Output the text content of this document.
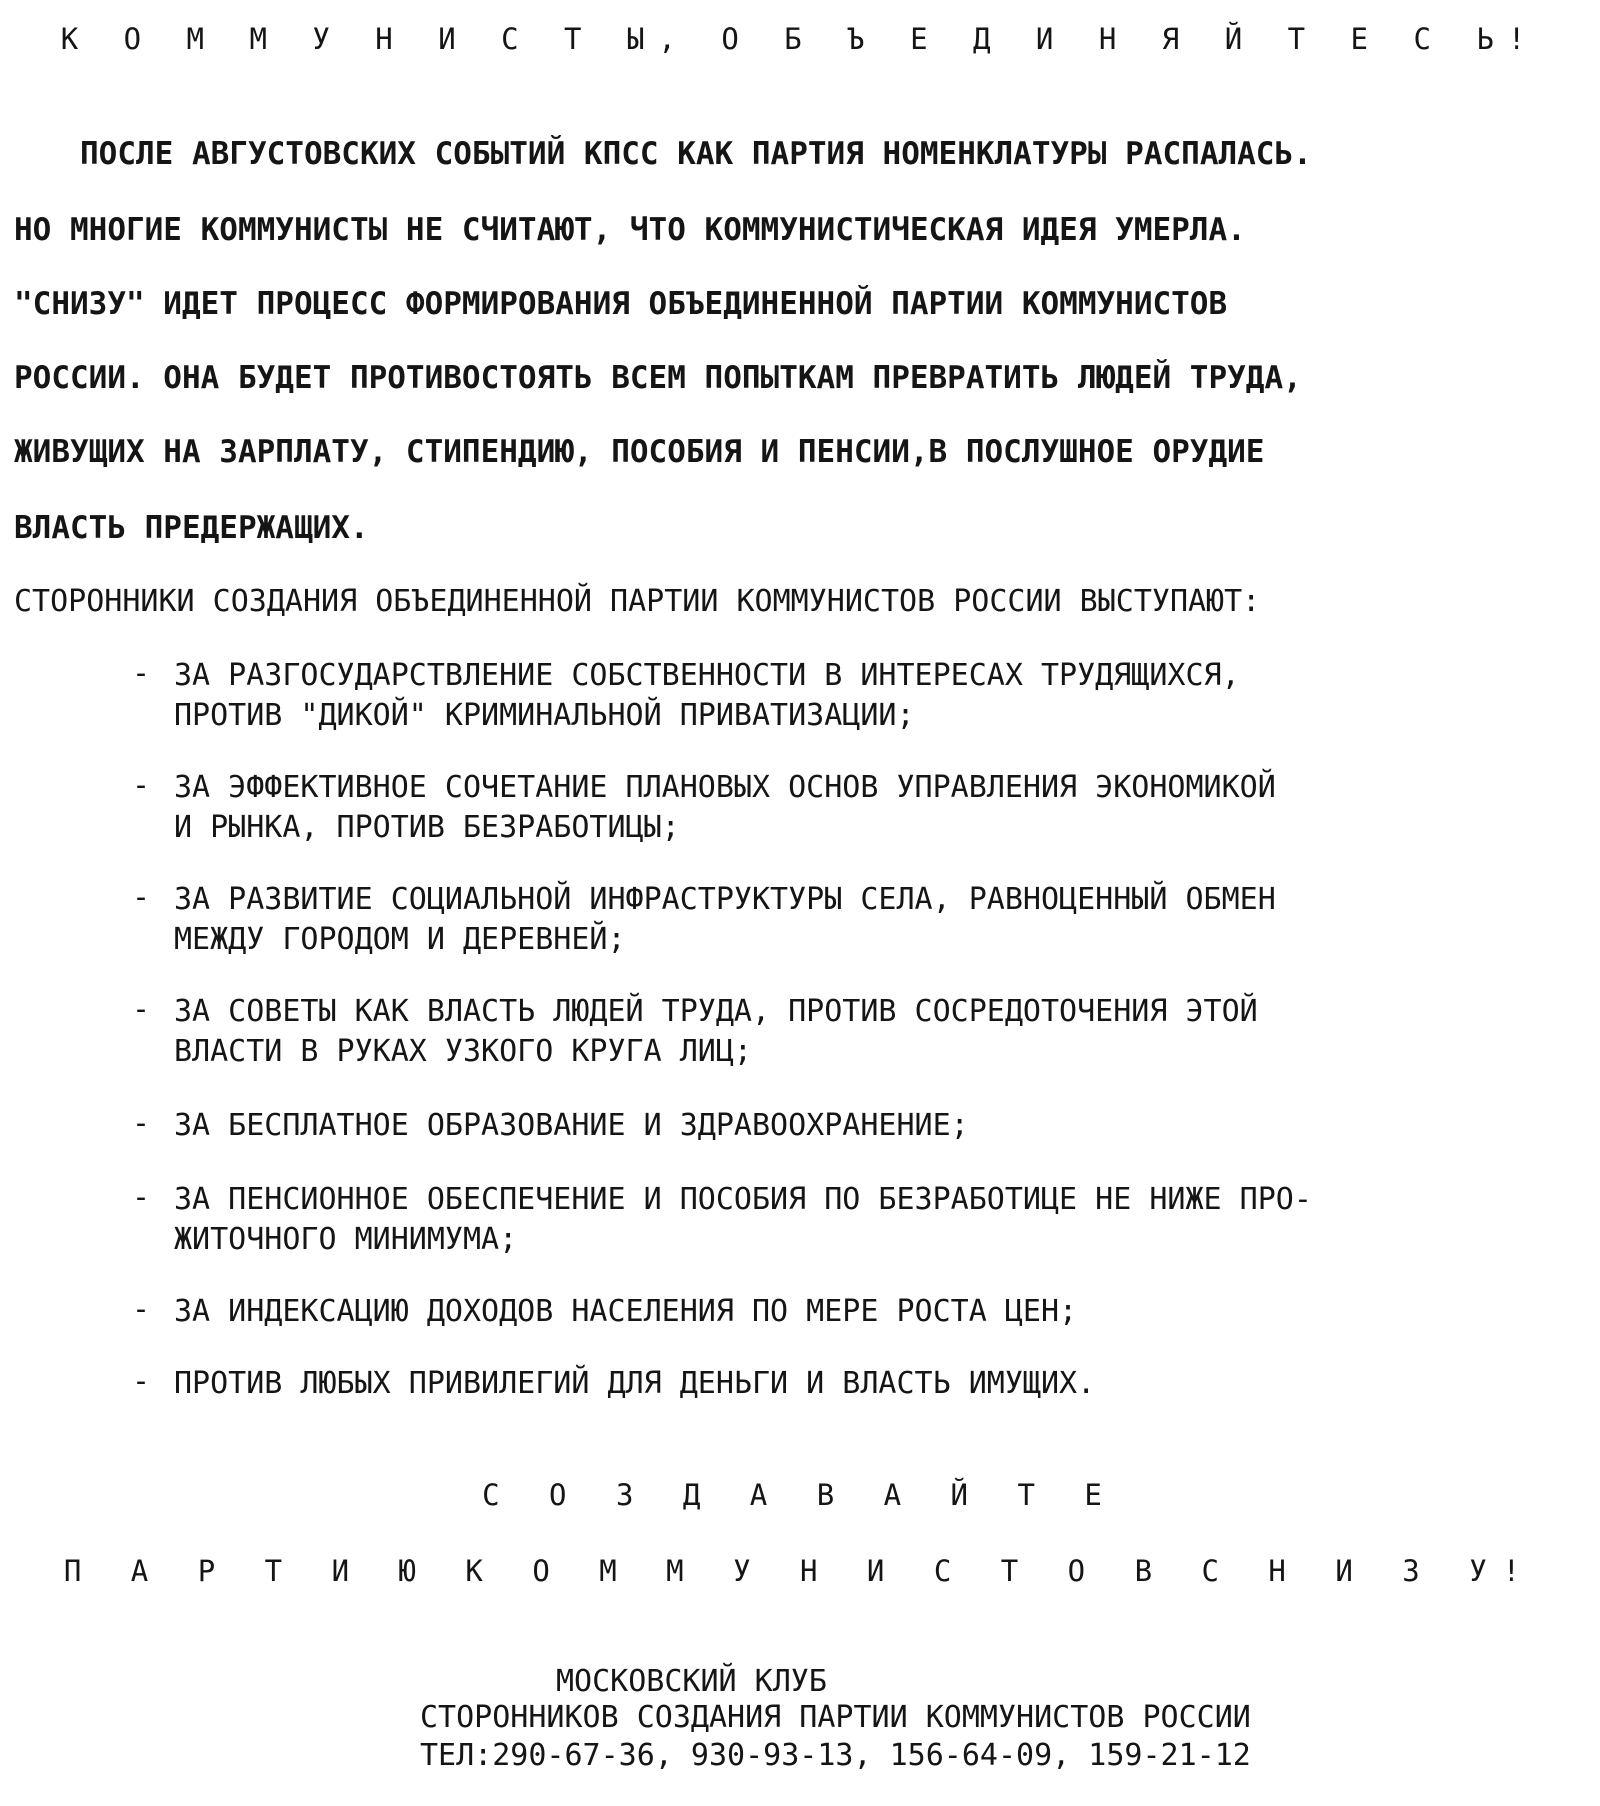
К О М М У Н И С Т Ы, О Б Ъ Е Д И Н Я Й Т Е С Ь!
ПОСЛЕ АВГУСТОВСКИХ СОБЫТИЙ КПСС КАК ПАРТИЯ НОМЕНКЛАТУРЫ РАСПАЛАСЬ.
НО МНОГИЕ КОММУНИСТЫ НЕ СЧИТАЮТ, ЧТО КОММУНИСТИЧЕСКАЯ ИДЕЯ УМЕРЛА.
"СНИЗУ" ИДЕТ ПРОЦЕСС ФОРМИРОВАНИЯ ОБЪЕДИНЕННОЙ ПАРТИИ КОММУНИСТОВ
РОССИИ. ОНА БУДЕТ ПРОТИВОСТОЯТЬ ВСЕМ ПОПЫТКАМ ПРЕВРАТИТЬ ЛЮДЕЙ ТРУДА,
ЖИВУЩИХ НА ЗАРПЛАТУ, СТИПЕНДИЮ, ПОСОБИЯ И ПЕНСИИ,В ПОСЛУШНОЕ ОРУДИЕ
ВЛАСТЬ ПРЕДЕРЖАЩИХ.
СТОРОННИКИ СОЗДАНИЯ ОБЪЕДИНЕННОЙ ПАРТИИ КОММУНИСТОВ РОССИИ ВЫСТУПАЮТ:
- ЗА РАЗГОСУДАРСТВЛЕНИЕ СОБСТВЕННОСТИ В ИНТЕРЕСАХ ТРУДЯЩИХСЯ,
ПРОТИВ "ДИКОЙ" КРИМИНАЛЬНОЙ ПРИВАТИЗАЦИИ;
- ЗА ЭФФЕКТИВНОЕ СОЧЕТАНИЕ ПЛАНОВЫХ ОСНОВ УПРАВЛЕНИЯ ЭКОНОМИКОЙ
И РЫНКА, ПРОТИВ БЕЗРАБОТИЦЫ;
- ЗА РАЗВИТИЕ СОЦИАЛЬНОЙ ИНФРАСТРУКТУРЫ СЕЛА, РАВНОЦЕННЫЙ ОБМЕН
МЕЖДУ ГОРОДОМ И ДЕРЕВНЕЙ;
- ЗА СОВЕТЫ КАК ВЛАСТЬ ЛЮДЕЙ ТРУДА, ПРОТИВ СОСРЕДОТОЧЕНИЯ ЭТОЙ
ВЛАСТИ В РУКАХ УЗКОГО КРУГА ЛИЦ;
- ЗА БЕСПЛАТНОЕ ОБРАЗОВАНИЕ И ЗДРАВООХРАНЕНИЕ;
- ЗА ПЕНСИОННОЕ ОБЕСПЕЧЕНИЕ И ПОСОБИЯ ПО БЕЗРАБОТИЦЕ НЕ НИЖЕ ПРО-
ЖИТОЧНОГО МИНИМУМА;
- ЗА ИНДЕКСАЦИЮ ДОХОДОВ НАСЕЛЕНИЯ ПО МЕРЕ РОСТА ЦЕН;
- ПРОТИВ ЛЮБЫХ ПРИВИЛЕГИЙ ДЛЯ ДЕНЬГИ И ВЛАСТЬ ИМУЩИХ.
С О З Д А В А Й Т Е
П А Р Т И Ю К О М М У Н И С Т О В С Н И З У!
МОСКОВСКИЙ КЛУБ
СТОРОННИКОВ СОЗДАНИЯ ПАРТИИ КОММУНИСТОВ РОССИИ
ТЕЛ:290-67-36, 930-93-13, 156-64-09, 159-21-12
